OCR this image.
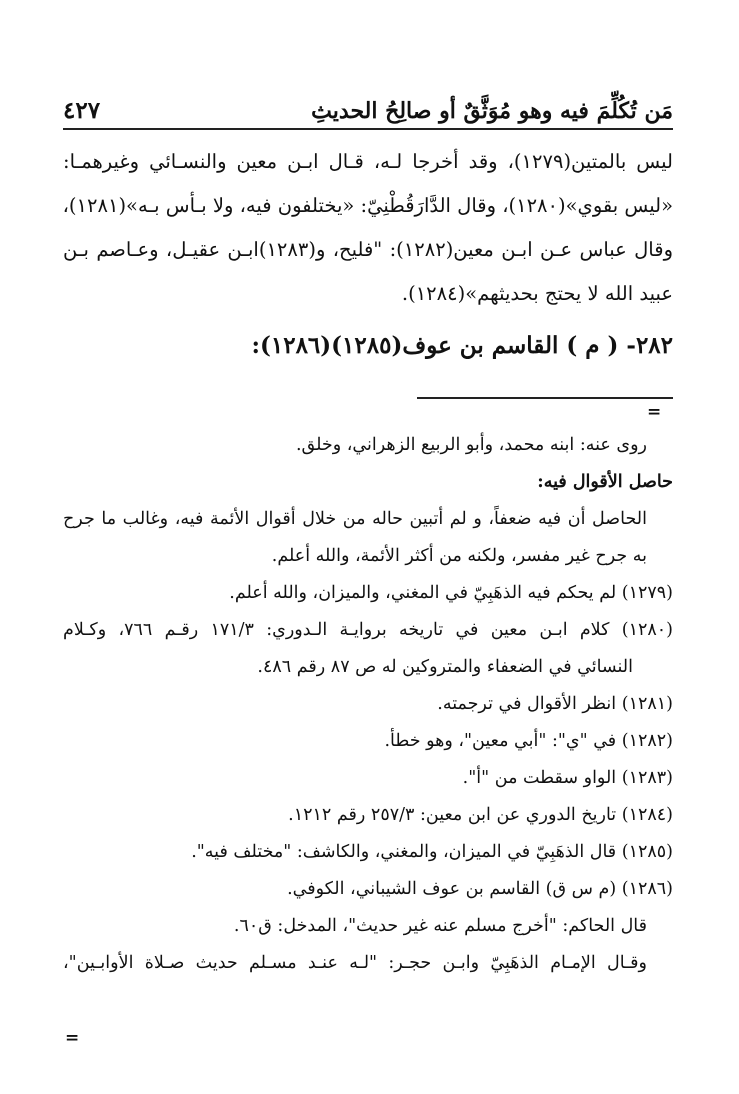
٤٢٧	مَن تُكُلِّمَ فيه وهو مُوَثَّقٌ أو صالِحُ الحديثِ
ليس بالمتين(١٢٧٩)، وقد أخرجا لـه، قـال ابـن معين والنسـائي وغيرهمـا:
«ليس بقوي»(١٢٨٠)، وقال الدَّارَقُطْنِيّ: «يختلفون فيه، ولا بـأس بـه»(١٢٨١)،
وقال عباس عـن ابـن معين(١٢٨٢): "فليح، و(١٢٨٣)ابـن عقيـل، وعـاصم بـن
عبيد الله لا يحتج بحديثهم»(١٢٨٤).
٢٨٢- ( م ) القاسم بن عوف(١٢٨٥)(١٢٨٦):
=
روى عنه: ابنه محمد، وأبو الربيع الزهراني، وخلق.
حاصل الأقوال فيه:
الحاصل أن فيه ضعفاً، و لم أتبين حاله من خلال أقوال الأئمة فيه، وغالب ما جرح
به جرح غير مفسر، ولكنه من أكثر الأئمة، والله أعلم.
(١٢٧٩) لم يحكم فيه الذهَبِيّ في المغني، والميزان، والله أعلم.
(١٢٨٠) كلام ابـن معين في تاريخه بروايـة الـدوري: ١٧١/٣ رقـم ٧٦٦، وكـلام
النسائي في الضعفاء والمتروكين له ص ٨٧ رقم ٤٨٦.
(١٢٨١) انظر الأقوال في ترجمته.
(١٢٨٢) في "ي": "أبي معين"، وهو خطأ.
(١٢٨٣) الواو سقطت من "أ".
(١٢٨٤) تاريخ الدوري عن ابن معين: ٢٥٧/٣ رقم ١٢١٢.
(١٢٨٥) قال الذهَبِيّ في الميزان، والمغني، والكاشف: "مختلف فيه".
(١٢٨٦) (م س ق) القاسم بن عوف الشيباني، الكوفي.
قال الحاكم: "أخرج مسلم عنه غير حديث"، المدخل: ق٦٠.
وقـال الإمـام الذهَبِيّ وابـن حجـر: "لـه عنـد مسـلم حديث صـلاة الأوابـين"،
=
